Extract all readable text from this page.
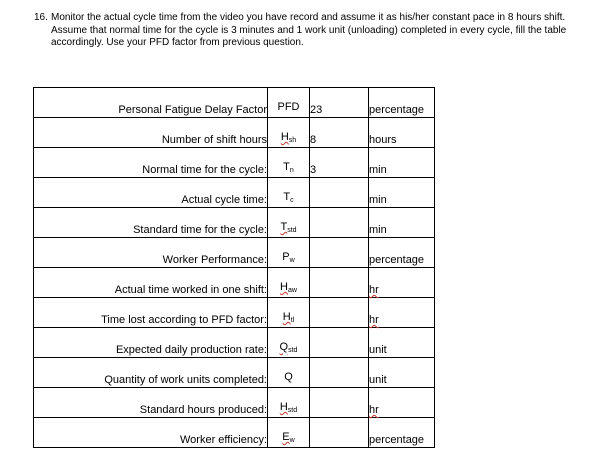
16. Monitor the actual cycle time from the video you have record and assume it as his/her constant pace in 8 hours shift. Assume that normal time for the cycle is 3 minutes and 1 work unit (unloading) completed in every cycle, fill the table accordingly. Use your PFD factor from previous question.
Personal Fatigue Delay Factor	PFD	23	percentage
Number of shift hours	$H_{sh}$	8	hours
Normal time for the cycle:	$T_n$	3	min
Actual cycle time:	$T_c$		min
Standard time for the cycle:	$T_{std}$		min
Worker Performance:	$P_w$		percentage
Actual time worked in one shift:	$H_{aw}$		hr
Time lost according to PFD factor:	$H_{tl}$		hr
Expected daily production rate:	$Q_{std}$		unit
Quantity of work units completed:	Q		unit
Standard hours produced:	$H_{std}$		hr
Worker efficiency:	$E_w$		percentage
